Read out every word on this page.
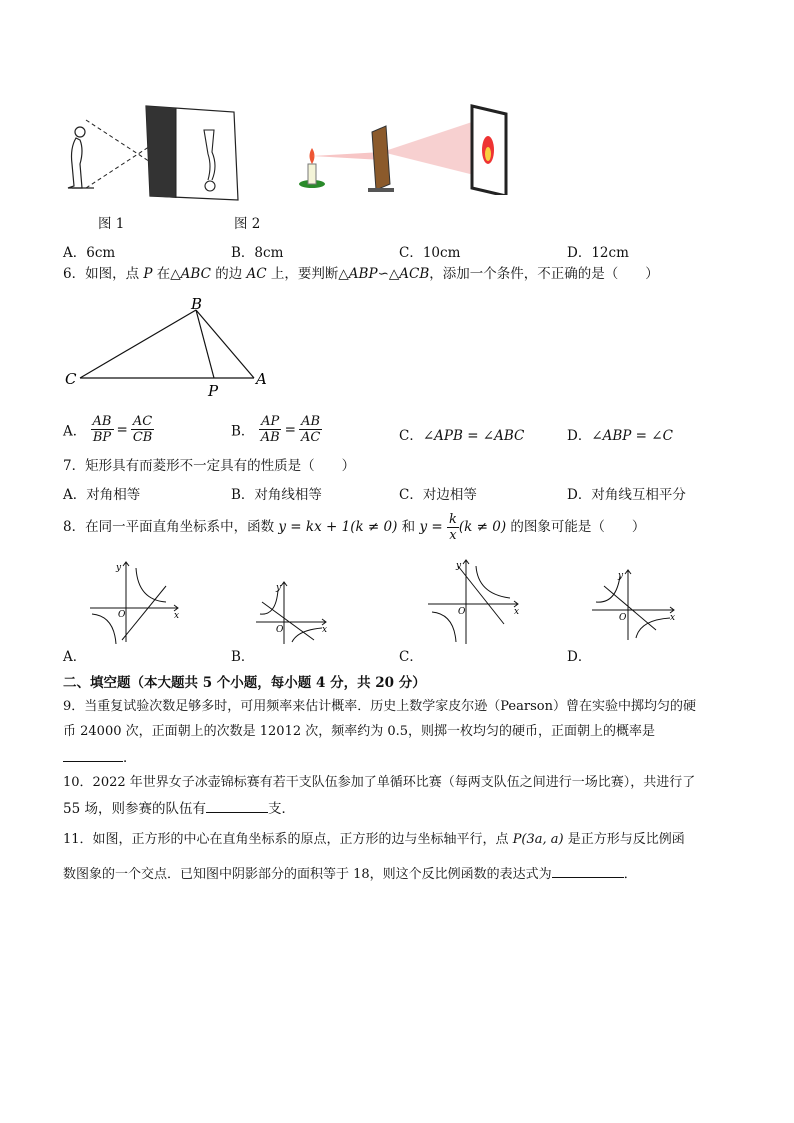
图 1	图 2
A．6cm	B．8cm	C．10cm	D．12cm
6．如图，点 P 在△ABC 的边 AC 上，要判断△ABP∽△ACB，添加一个条件，不正确的是（　　）
B
C
P
A
A． $\frac{AB}{BP} = \frac{AC}{CB}$	B． $\frac{AP}{AB} = \frac{AB}{AC}$	C．∠APB = ∠ABC	D．∠ABP = ∠C
7．矩形具有而菱形不一定具有的性质是（　　）
A．对角相等	B．对角线相等	C．对边相等	D．对角线互相平分
8．在同一平面直角坐标系中，函数 y = kx + 1(k ≠ 0) 和 $y = \frac{k}{x} (k \ne 0)$ 的图象可能是（　　）
y
x
O
y
x
O
y
x
O
y
x
O
A．	B．	C．	D．
二、填空题（本大题共 5 个小题，每小题 4 分，共 20 分）
9．当重复试验次数足够多时，可用频率来估计概率．历史上数学家皮尔逊（Pearson）曾在实验中掷均匀的硬
币 24000 次，正面朝上的次数是 12012 次，频率约为 0.5，则掷一枚均匀的硬币，正面朝上的概率是
．
10．2022 年世界女子冰壶锦标赛有若干支队伍参加了单循环比赛（每两支队伍之间进行一场比赛），共进行了
55 场，则参赛的队伍有	支．
11．如图，正方形的中心在直角坐标系的原点，正方形的边与坐标轴平行，点 P(3a, a) 是正方形与反比例函
数图象的一个交点．已知图中阴影部分的面积等于 18，则这个反比例函数的表达式为	．
